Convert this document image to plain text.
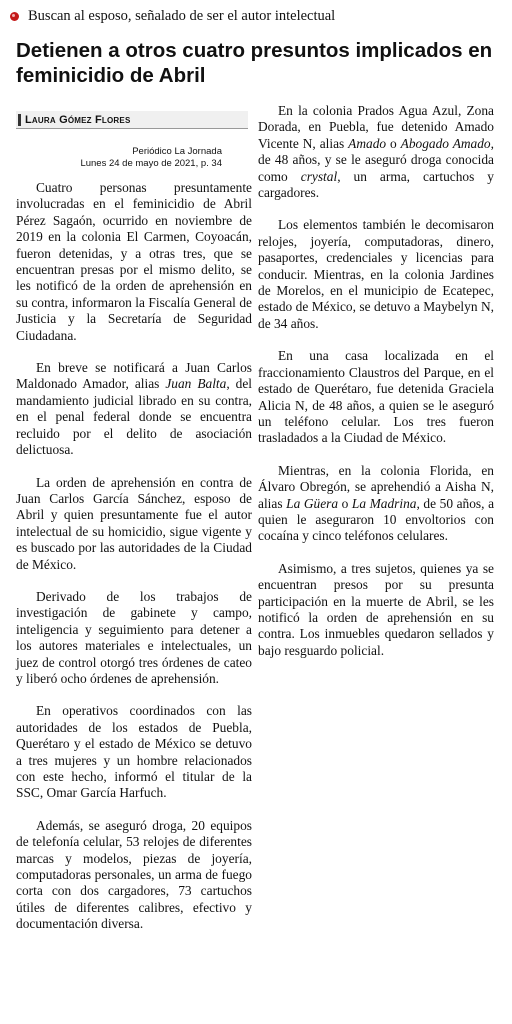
Buscan al esposo, señalado de ser el autor intelectual
Detienen a otros cuatro presuntos implicados en feminicidio de Abril
Laura Gómez Flores
Periódico La Jornada
Lunes 24 de mayo de 2021, p. 34

Cuatro personas presuntamente involucradas en el feminicidio de Abril Pérez Sagaón, ocurrido en noviembre de 2019 en la colonia El Carmen, Coyoacán, fueron detenidas, y a otras tres, que se encuentran presas por el mismo delito, se les notificó de la orden de aprehensión en su contra, informaron la Fiscalía General de Justicia y la Secretaría de Seguridad Ciudadana.

En breve se notificará a Juan Carlos Maldonado Amador, alias Juan Balta, del mandamiento judicial librado en su contra, en el penal federal donde se encuentra recluido por el delito de asociación delictuosa.

La orden de aprehensión en contra de Juan Carlos García Sánchez, esposo de Abril y quien presuntamente fue el autor intelectual de su homicidio, sigue vigente y es buscado por las autoridades de la Ciudad de México.

Derivado de los trabajos de investigación de gabinete y campo, inteligencia y seguimiento para detener a los autores materiales e intelectuales, un juez de control otorgó tres órdenes de cateo y liberó ocho órdenes de aprehensión.

En operativos coordinados con las autoridades de los estados de Puebla, Querétaro y el estado de México se detuvo a tres mujeres y un hombre relacionados con este hecho, informó el titular de la SSC, Omar García Harfuch.

Además, se aseguró droga, 20 equipos de telefonía celular, 53 relojes de diferentes marcas y modelos, piezas de joyería, computadoras personales, un arma de fuego corta con dos cargadores, 73 cartuchos útiles de diferentes calibres, efectivo y documentación diversa.

En la colonia Prados Agua Azul, Zona Dorada, en Puebla, fue detenido Amado Vicente N, alias Amado o Abogado Amado, de 48 años, y se le aseguró droga conocida como crystal, un arma, cartuchos y cargadores.

Los elementos también le decomisaron relojes, joyería, computadoras, dinero, pasaportes, credenciales y licencias para conducir. Mientras, en la colonia Jardines de Morelos, en el municipio de Ecatepec, estado de México, se detuvo a Maybelyn N, de 34 años.

En una casa localizada en el fraccionamiento Claustros del Parque, en el estado de Querétaro, fue detenida Graciela Alicia N, de 48 años, a quien se le aseguró un teléfono celular. Los tres fueron trasladados a la Ciudad de México.

Mientras, en la colonia Florida, en Álvaro Obregón, se aprehendió a Aisha N, alias La Güera o La Madrina, de 50 años, a quien le aseguraron 10 envoltorios con cocaína y cinco teléfonos celulares.

Asimismo, a tres sujetos, quienes ya se encuentran presos por su presunta participación en la muerte de Abril, se les notificó la orden de aprehensión en su contra. Los inmuebles quedaron sellados y bajo resguardo policial.
